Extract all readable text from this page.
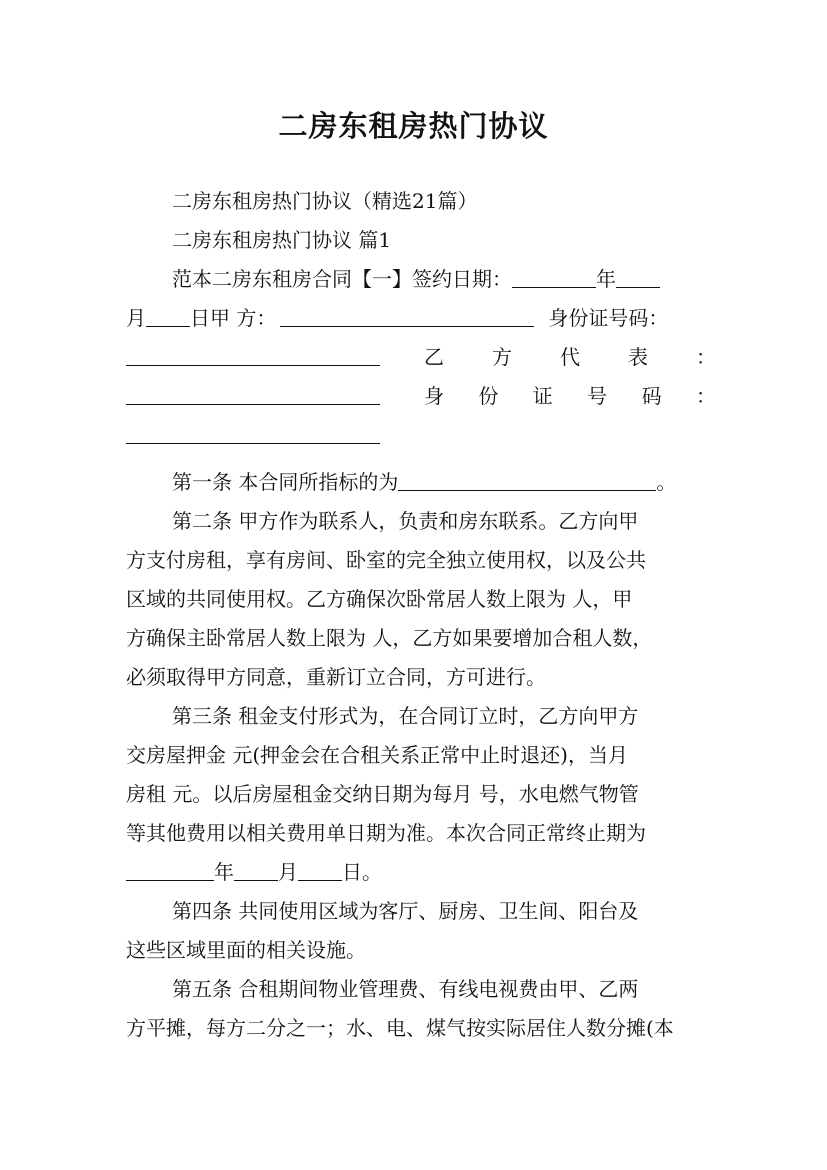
二房东租房热门协议
二房东租房热门协议（精选21篇）
二房东租房热门协议 篇1
范本二房东租房合同【一】签约日期：	年
月 日甲 方：	身份证号码：
乙 方 代 表 ：
身 份 证 号 码 ：
第一条 本合同所指标的为	。
第二条 甲方作为联系人，负责和房东联系。乙方向甲
方支付房租，享有房间、卧室的完全独立使用权，以及公共
区域的共同使用权。乙方确保次卧常居人数上限为 人，甲
方确保主卧常居人数上限为 人，乙方如果要增加合租人数，
必须取得甲方同意，重新订立合同，方可进行。
第三条 租金支付形式为，在合同订立时，乙方向甲方
交房屋押金 元(押金会在合租关系正常中止时退还)，当月
房租 元。以后房屋租金交纳日期为每月 号，水电燃气物管
等其他费用以相关费用单日期为准。本次合同正常终止期为
年 月 日。
第四条 共同使用区域为客厅、厨房、卫生间、阳台及
这些区域里面的相关设施。
第五条 合租期间物业管理费、有线电视费由甲、乙两
方平摊，每方二分之一；水、电、煤气按实际居住人数分摊(本
